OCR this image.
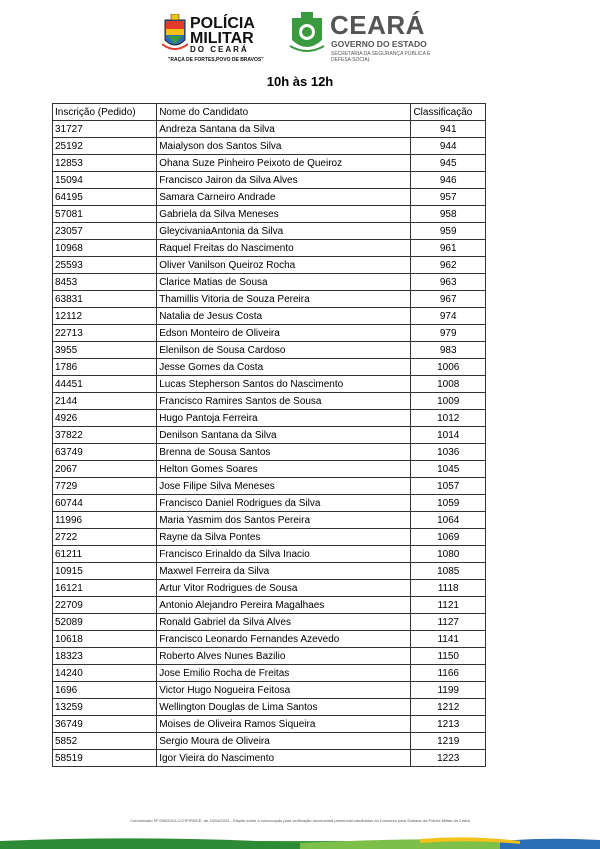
POLÍCIA
MILITAR
DO CEARÁ
"RAÇA DE FORTES,POVO DE BRAVOS"
CEARÁ
GOVERNO DO ESTADO
SECRETARIA DA SEGURANÇA PÚBLICA E DEFESA SOCIAL
10h às 12h
Inscrição (Pedido)	Nome do Candidato	Classificação
31727	Andreza Santana da Silva	941
25192	Maialyson dos Santos Silva	944
12853	Ohana Suze Pinheiro Peixoto de Queiroz	945
15094	Francisco Jairon da Silva Alves	946
64195	Samara Carneiro Andrade	957
57081	Gabriela da Silva Meneses	958
23057	GleycivaniaAntonia da Silva	959
10968	Raquel Freitas do Nascimento	961
25593	Oliver Vanilson Queiroz Rocha	962
8453	Clarice Matias de Sousa	963
63831	Thamillis Vitoria de Souza Pereira	967
12112	Natalia de Jesus Costa	974
22713	Edson Monteiro de Oliveira	979
3955	Elenilson de Sousa Cardoso	983
1786	Jesse Gomes da Costa	1006
44451	Lucas Stepherson Santos do Nascimento	1008
2144	Francisco Ramires Santos de Sousa	1009
4926	Hugo Pantoja Ferreira	1012
37822	Denilson Santana da Silva	1014
63749	Brenna de Sousa Santos	1036
2067	Helton Gomes Soares	1045
7729	Jose Filipe Silva Meneses	1057
60744	Francisco Daniel Rodrigues da Silva	1059
11996	Maria Yasmim dos Santos Pereira	1064
2722	Rayne da Silva Pontes	1069
61211	Francisco Erinaldo da Silva Inacio	1080
10915	Maxwel Ferreira da Silva	1085
16121	Artur Vitor Rodrigues de Sousa	1118
22709	Antonio Alejandro Pereira Magalhaes	1121
52089	Ronald Gabriel da Silva Alves	1127
10618	Francisco Leonardo Fernandes Azevedo	1141
18323	Roberto Alves Nunes Bazilio	1150
14240	Jose Emilio Rocha de Freitas	1166
1696	Victor Hugo Nogueira Feitosa	1199
13259	Wellington Douglas de Lima Santos	1212
36749	Moises de Oliveira Ramos Siqueira	1213
5852	Sergio Moura de Oliveira	1219
58519	Igor Vieira do Nascimento	1223
Comunicado Nº 098/2024-CCOP/PMCE, de 15/04/2024 - Dispõe sobre a convocação para verificação documental presencial candidatos do Concurso para Soldado da Polícia Militar do Ceará
